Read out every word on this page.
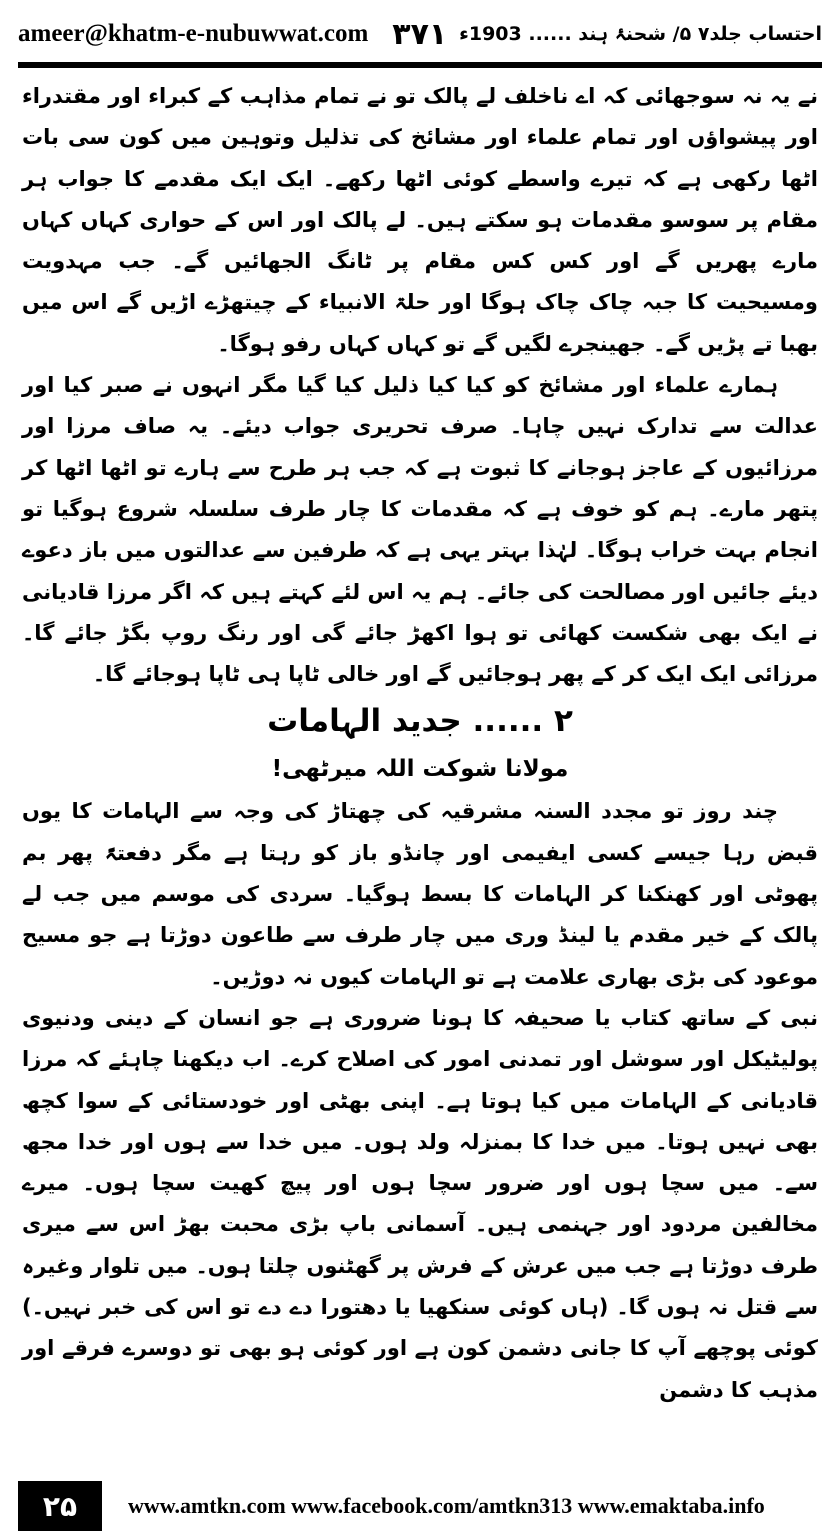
ameer@khatm-e-nubuwwat.com ۳۷۱ احتساب جلد۷ ۵/ شحنۂ ہند ...... 1903ء

نے یہ نہ سوجھائی کہ اے ناخلف لے پالک تو نے تمام مذاہب کے کبراء اور مقتدراء اور پیشواؤں اور تمام علماء اور مشائخ کی تذلیل وتوہین میں کون سی بات اٹھا رکھی ہے کہ تیرے واسطے کوئی اٹھا رکھے۔ ایک ایک مقدمے کا جواب ہر مقام پر سوسو مقدمات ہو سکتے ہیں۔ لے پالک اور اس کے حواری کہاں کہاں مارے پھریں گے اور کس کس مقام پر ٹانگ الجھائیں گے۔ جب مہدویت ومسیحیت کا جبہ چاک چاک ہوگا اور حلۃ الانبیاء کے چیتھڑے اڑیں گے اس میں بھبا تے پڑیں گے۔ جھینجرے لگیں گے تو کہاں کہاں رفو ہوگا۔

ہمارے علماء اور مشائخ کو کیا کیا ذلیل کیا گیا مگر انہوں نے صبر کیا اور عدالت سے تدارک نہیں چاہا۔ صرف تحریری جواب دیئے۔ یہ صاف مرزا اور مرزائیوں کے عاجز ہوجانے کا ثبوت ہے کہ جب ہر طرح سے ہارے تو اٹھا اٹھا کر پتھر مارے۔ ہم کو خوف ہے کہ مقدمات کا چار طرف سلسلہ شروع ہوگیا تو انجام بہت خراب ہوگا۔ لہٰذا بہتر یہی ہے کہ طرفین سے عدالتوں میں باز دعوے دیئے جائیں اور مصالحت کی جائے۔ ہم یہ اس لئے کہتے ہیں کہ اگر مرزا قادیانی نے ایک بھی شکست کھائی تو ہوا اکھڑ جائے گی اور رنگ روپ بگڑ جائے گا۔ مرزائی ایک ایک کر کے پھر ہوجائیں گے اور خالی ٹاپا ہی ٹاپا ہوجائے گا۔

۲ ...... جدید الہامات
مولانا شوکت اللہ میرٹھی!

چند روز تو مجدد السنہ مشرقیہ کی چھتاڑ کی وجہ سے الہامات کا یوں قبض رہا جیسے کسی ایفیمی اور چانڈو باز کو رہتا ہے مگر دفعتۃً پھر بم پھوٹی اور کھنکنا کر الہامات کا بسط ہوگیا۔ سردی کی موسم میں جب لے پالک کے خیر مقدم یا لینڈ وری میں چار طرف سے طاعون دوڑتا ہے جو مسیح موعود کی بڑی بھاری علامت ہے تو الہامات کیوں نہ دوڑیں۔

نبی کے ساتھ کتاب یا صحیفہ کا ہونا ضروری ہے جو انسان کے دینی ودنیوی پولیٹیکل اور سوشل اور تمدنی امور کی اصلاح کرے۔ اب دیکھنا چاہئے کہ مرزا قادیانی کے الہامات میں کیا ہوتا ہے۔ اپنی بھٹی اور خودستائی کے سوا کچھ بھی نہیں ہوتا۔ میں خدا کا بمنزلہ ولد ہوں۔ میں خدا سے ہوں اور خدا مجھ سے۔ میں سچا ہوں اور ضرور سچا ہوں اور پیچ کھیت سچا ہوں۔ میرے مخالفین مردود اور جہنمی ہیں۔ آسمانی باپ بڑی محبت بھڑ اس سے میری طرف دوڑتا ہے جب میں عرش کے فرش پر گھٹنوں چلتا ہوں۔ میں تلوار وغیرہ سے قتل نہ ہوں گا۔ (ہاں کوئی سنکھیا یا دھتورا دے دے تو اس کی خبر نہیں۔) کوئی پوچھے آپ کا جانی دشمن کون ہے اور کوئی ہو بھی تو دوسرے فرقے اور مذہب کا دشمن

۲۵	www.amtkn.com www.facebook.com/amtkn313 www.emaktaba.info
